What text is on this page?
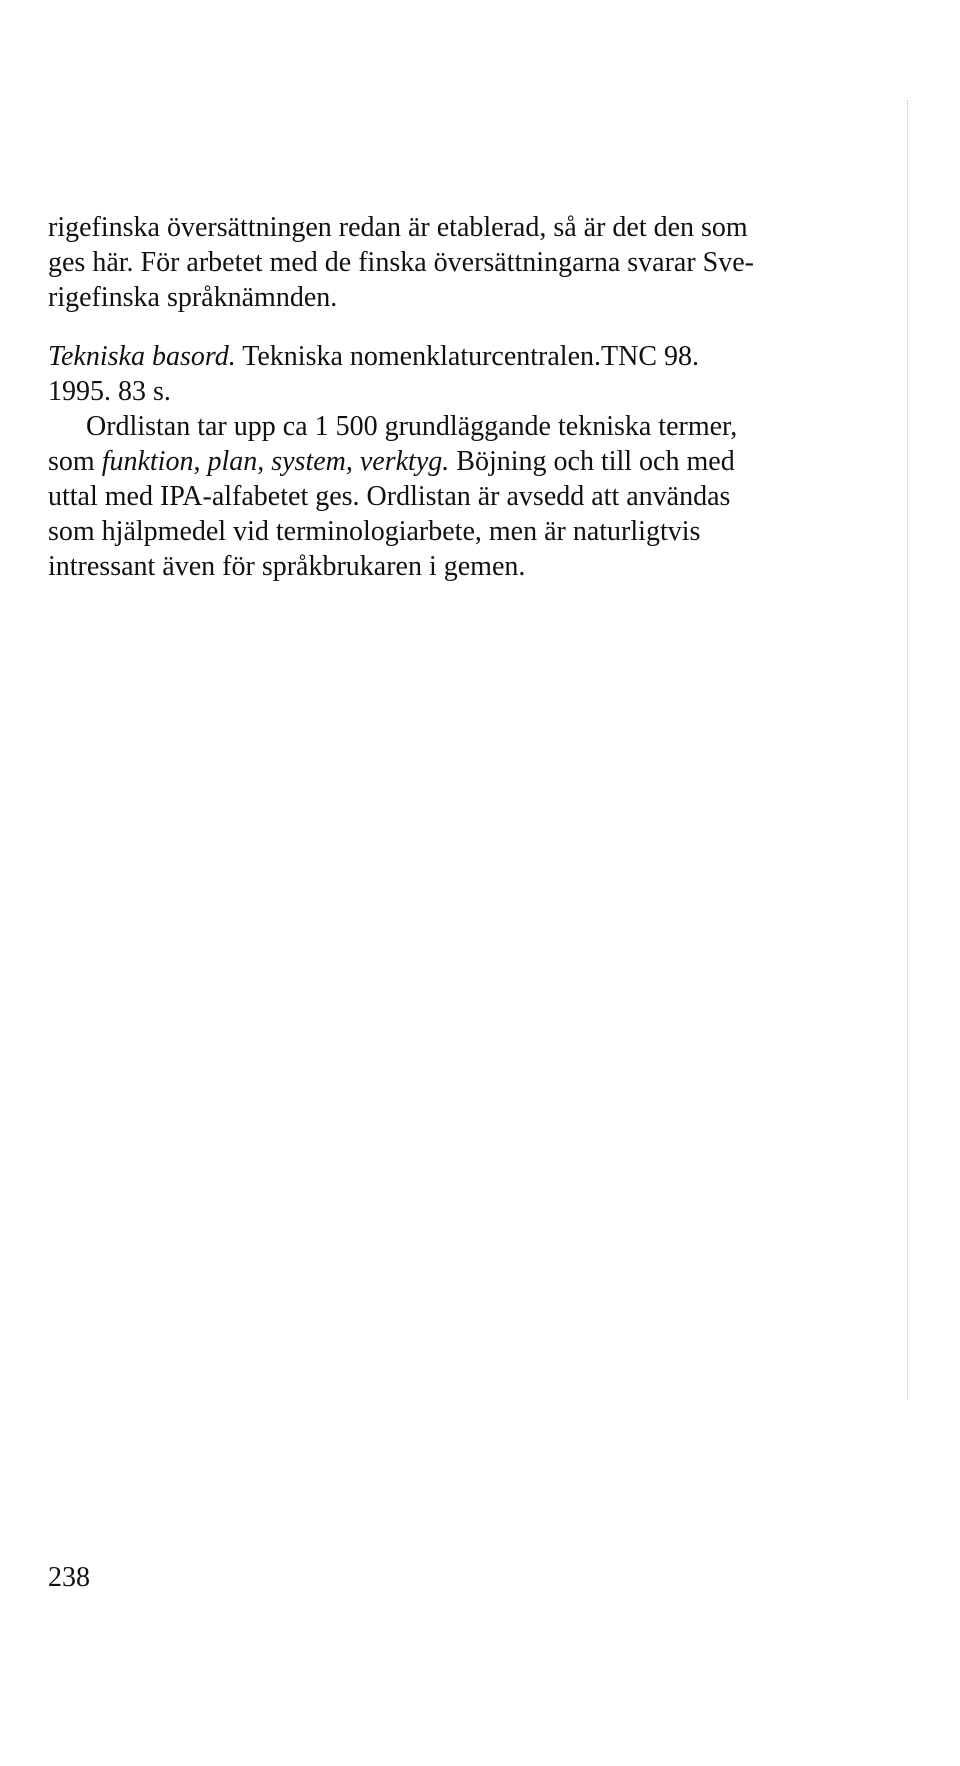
rigefinska översättningen redan är etablerad, så är det den som
ges här. För arbetet med de finska översättningarna svarar Sve-
rigefinska språknämnden.
Tekniska basord. Tekniska nomenklaturcentralen.TNC 98.
1995. 83 s.
Ordlistan tar upp ca 1 500 grundläggande tekniska termer,
som funktion, plan, system, verktyg. Böjning och till och med
uttal med IPA-alfabetet ges. Ordlistan är avsedd att användas
som hjälpmedel vid terminologiarbete, men är naturligtvis
intressant även för språkbrukaren i gemen.
238
